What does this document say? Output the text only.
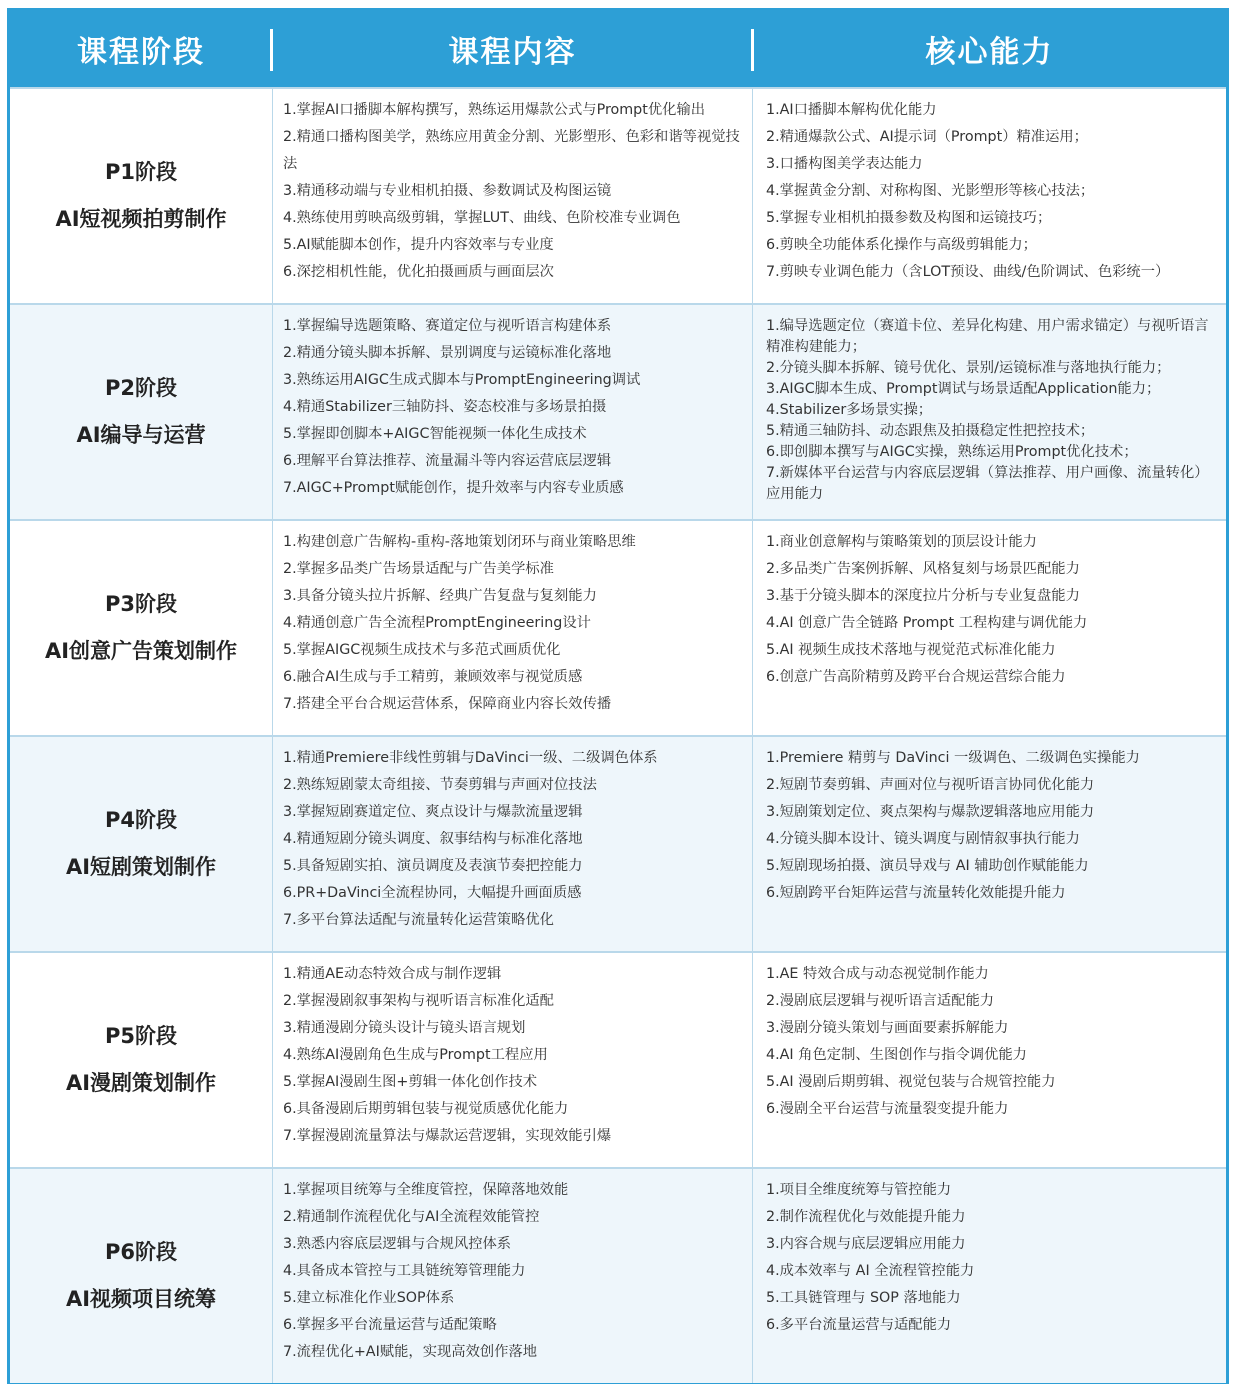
课程阶段	课程内容	核心能力
P1阶段
AI短视频拍剪制作
1.掌握AI口播脚本解构撰写，熟练运用爆款公式与Prompt优化输出
2.精通口播构图美学，熟练应用黄金分割、光影塑形、色彩和谐等视觉技法
3.精通移动端与专业相机拍摄、参数调试及构图运镜
4.熟练使用剪映高级剪辑，掌握LUT、曲线、色阶校准专业调色
5.AI赋能脚本创作，提升内容效率与专业度
6.深挖相机性能，优化拍摄画质与画面层次
1.AI口播脚本解构优化能力
2.精通爆款公式、AI提示词（Prompt）精准运用；
3.口播构图美学表达能力
4.掌握黄金分割、对称构图、光影塑形等核心技法；
5.掌握专业相机拍摄参数及构图和运镜技巧；
6.剪映全功能体系化操作与高级剪辑能力；
7.剪映专业调色能力（含LOT预设、曲线/色阶调试、色彩统一）
P2阶段
AI编导与运营
1.掌握编导选题策略、赛道定位与视听语言构建体系
2.精通分镜头脚本拆解、景别调度与运镜标准化落地
3.熟练运用AIGC生成式脚本与PromptEngineering调试
4.精通Stabilizer三轴防抖、姿态校准与多场景拍摄
5.掌握即创脚本+AIGC智能视频一体化生成技术
6.理解平台算法推荐、流量漏斗等内容运营底层逻辑
7.AIGC+Prompt赋能创作，提升效率与内容专业质感
1.编导选题定位（赛道卡位、差异化构建、用户需求锚定）与视听语言精准构建能力；
2.分镜头脚本拆解、镜号优化、景别/运镜标准与落地执行能力；
3.AIGC脚本生成、Prompt调试与场景适配Application能力；
4.Stabilizer多场景实操；
5.精通三轴防抖、动态跟焦及拍摄稳定性把控技术；
6.即创脚本撰写与AIGC实操，熟练运用Prompt优化技术；
7.新媒体平台运营与内容底层逻辑（算法推荐、用户画像、流量转化）应用能力
P3阶段
AI创意广告策划制作
1.构建创意广告解构-重构-落地策划闭环与商业策略思维
2.掌握多品类广告场景适配与广告美学标准
3.具备分镜头拉片拆解、经典广告复盘与复刻能力
4.精通创意广告全流程PromptEngineering设计
5.掌握AIGC视频生成技术与多范式画质优化
6.融合AI生成与手工精剪，兼顾效率与视觉质感
7.搭建全平台合规运营体系，保障商业内容长效传播
1.商业创意解构与策略策划的顶层设计能力
2.多品类广告案例拆解、风格复刻与场景匹配能力
3.基于分镜头脚本的深度拉片分析与专业复盘能力
4.AI 创意广告全链路 Prompt 工程构建与调优能力
5.AI 视频生成技术落地与视觉范式标准化能力
6.创意广告高阶精剪及跨平台合规运营综合能力
P4阶段
AI短剧策划制作
1.精通Premiere非线性剪辑与DaVinci一级、二级调色体系
2.熟练短剧蒙太奇组接、节奏剪辑与声画对位技法
3.掌握短剧赛道定位、爽点设计与爆款流量逻辑
4.精通短剧分镜头调度、叙事结构与标准化落地
5.具备短剧实拍、演员调度及表演节奏把控能力
6.PR+DaVinci全流程协同，大幅提升画面质感
7.多平台算法适配与流量转化运营策略优化
1.Premiere 精剪与 DaVinci 一级调色、二级调色实操能力
2.短剧节奏剪辑、声画对位与视听语言协同优化能力
3.短剧策划定位、爽点架构与爆款逻辑落地应用能力
4.分镜头脚本设计、镜头调度与剧情叙事执行能力
5.短剧现场拍摄、演员导戏与 AI 辅助创作赋能能力
6.短剧跨平台矩阵运营与流量转化效能提升能力
P5阶段
AI漫剧策划制作
1.精通AE动态特效合成与制作逻辑
2.掌握漫剧叙事架构与视听语言标准化适配
3.精通漫剧分镜头设计与镜头语言规划
4.熟练AI漫剧角色生成与Prompt工程应用
5.掌握AI漫剧生图+剪辑一体化创作技术
6.具备漫剧后期剪辑包装与视觉质感优化能力
7.掌握漫剧流量算法与爆款运营逻辑，实现效能引爆
1.AE 特效合成与动态视觉制作能力
2.漫剧底层逻辑与视听语言适配能力
3.漫剧分镜头策划与画面要素拆解能力
4.AI 角色定制、生图创作与指令调优能力
5.AI 漫剧后期剪辑、视觉包装与合规管控能力
6.漫剧全平台运营与流量裂变提升能力
P6阶段
AI视频项目统筹
1.掌握项目统筹与全维度管控，保障落地效能
2.精通制作流程优化与AI全流程效能管控
3.熟悉内容底层逻辑与合规风控体系
4.具备成本管控与工具链统筹管理能力
5.建立标准化作业SOP体系
6.掌握多平台流量运营与适配策略
7.流程优化+AI赋能，实现高效创作落地
1.项目全维度统筹与管控能力
2.制作流程优化与效能提升能力
3.内容合规与底层逻辑应用能力
4.成本效率与 AI 全流程管控能力
5.工具链管理与 SOP 落地能力
6.多平台流量运营与适配能力
